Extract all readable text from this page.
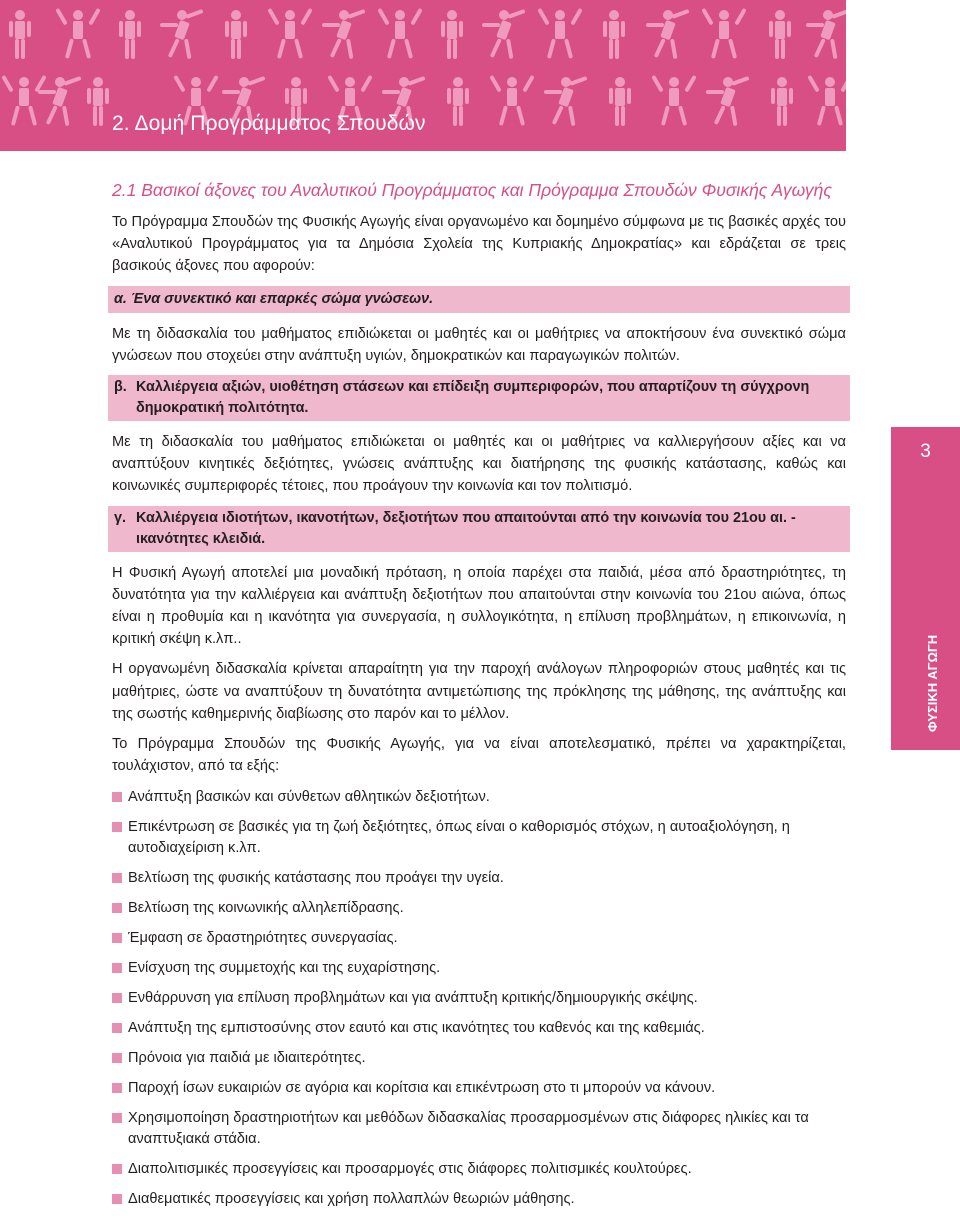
2. Δομή Προγράμματος Σπουδών
3
ΦΥΣΙΚΗ ΑΓΩΓΗ
2.1 Βασικοί άξονες του Αναλυτικού Προγράμματος και Πρόγραμμα Σπουδών Φυσικής Αγωγής

Το Πρόγραμμα Σπουδών της Φυσικής Αγωγής είναι οργανωμένο και δομημένο σύμφωνα με τις βασικές αρχές του «Αναλυτικού Προγράμματος για τα Δημόσια Σχολεία της Κυπριακής Δημοκρατίας» και εδράζεται σε τρεις βασικούς άξονες που αφορούν:

α. Ένα συνεκτικό και επαρκές σώμα γνώσεων.

Με τη διδασκαλία του μαθήματος επιδιώκεται οι μαθητές και οι μαθήτριες να αποκτήσουν ένα συνεκτικό σώμα γνώσεων που στοχεύει στην ανάπτυξη υγιών, δημοκρατικών και παραγωγικών πολιτών.

β. Καλλιέργεια αξιών, υιοθέτηση στάσεων και επίδειξη συμπεριφορών, που απαρτίζουν τη σύγχρονη δημοκρατική πολιτότητα.

Με τη διδασκαλία του μαθήματος επιδιώκεται οι μαθητές και οι μαθήτριες να καλλιεργήσουν αξίες και να αναπτύξουν κινητικές δεξιότητες, γνώσεις ανάπτυξης και διατήρησης της φυσικής κατάστασης, καθώς και κοινωνικές συμπεριφορές τέτοιες, που προάγουν την κοινωνία και τον πολιτισμό.

γ. Καλλιέργεια ιδιοτήτων, ικανοτήτων, δεξιοτήτων που απαιτούνται από την κοινωνία του 21ου αι. - ικανότητες κλειδιά.

Η Φυσική Αγωγή αποτελεί μια μοναδική πρόταση, η οποία παρέχει στα παιδιά, μέσα από δραστηριότητες, τη δυνατότητα για την καλλιέργεια και ανάπτυξη δεξιοτήτων που απαιτούνται στην κοινωνία του 21ου αιώνα, όπως είναι η προθυμία και η ικανότητα για συνεργασία, η συλλογικότητα, η επίλυση προβλημάτων, η επικοινωνία, η κριτική σκέψη κ.λπ..

Η οργανωμένη διδασκαλία κρίνεται απαραίτητη για την παροχή ανάλογων πληροφοριών στους μαθητές και τις μαθήτριες, ώστε να αναπτύξουν τη δυνατότητα αντιμετώπισης της πρόκλησης της μάθησης, της ανάπτυξης και της σωστής καθημερινής διαβίωσης στο παρόν και το μέλλον.

Το Πρόγραμμα Σπουδών της Φυσικής Αγωγής, για να είναι αποτελεσματικό, πρέπει να χαρακτηρίζεται, τουλάχιστον, από τα εξής:

Ανάπτυξη βασικών και σύνθετων αθλητικών δεξιοτήτων.
Επικέντρωση σε βασικές για τη ζωή δεξιότητες, όπως είναι ο καθορισμός στόχων, η αυτοαξιολόγηση, η αυτοδιαχείριση κ.λπ.
Βελτίωση της φυσικής κατάστασης που προάγει την υγεία.
Βελτίωση της κοινωνικής αλληλεπίδρασης.
Έμφαση σε δραστηριότητες συνεργασίας.
Ενίσχυση της συμμετοχής και της ευχαρίστησης.
Ενθάρρυνση για επίλυση προβλημάτων και για ανάπτυξη κριτικής/δημιουργικής σκέψης.
Ανάπτυξη της εμπιστοσύνης στον εαυτό και στις ικανότητες του καθενός και της καθεμιάς.
Πρόνοια για παιδιά με ιδιαιτερότητες.
Παροχή ίσων ευκαιριών σε αγόρια και κορίτσια και επικέντρωση στο τι μπορούν να κάνουν.
Χρησιμοποίηση δραστηριοτήτων και μεθόδων διδασκαλίας προσαρμοσμένων στις διάφορες ηλικίες και τα αναπτυξιακά στάδια.
Διαπολιτισμικές προσεγγίσεις και προσαρμογές στις διάφορες πολιτισμικές κουλτούρες.
Διαθεματικές προσεγγίσεις και χρήση πολλαπλών θεωριών μάθησης.
